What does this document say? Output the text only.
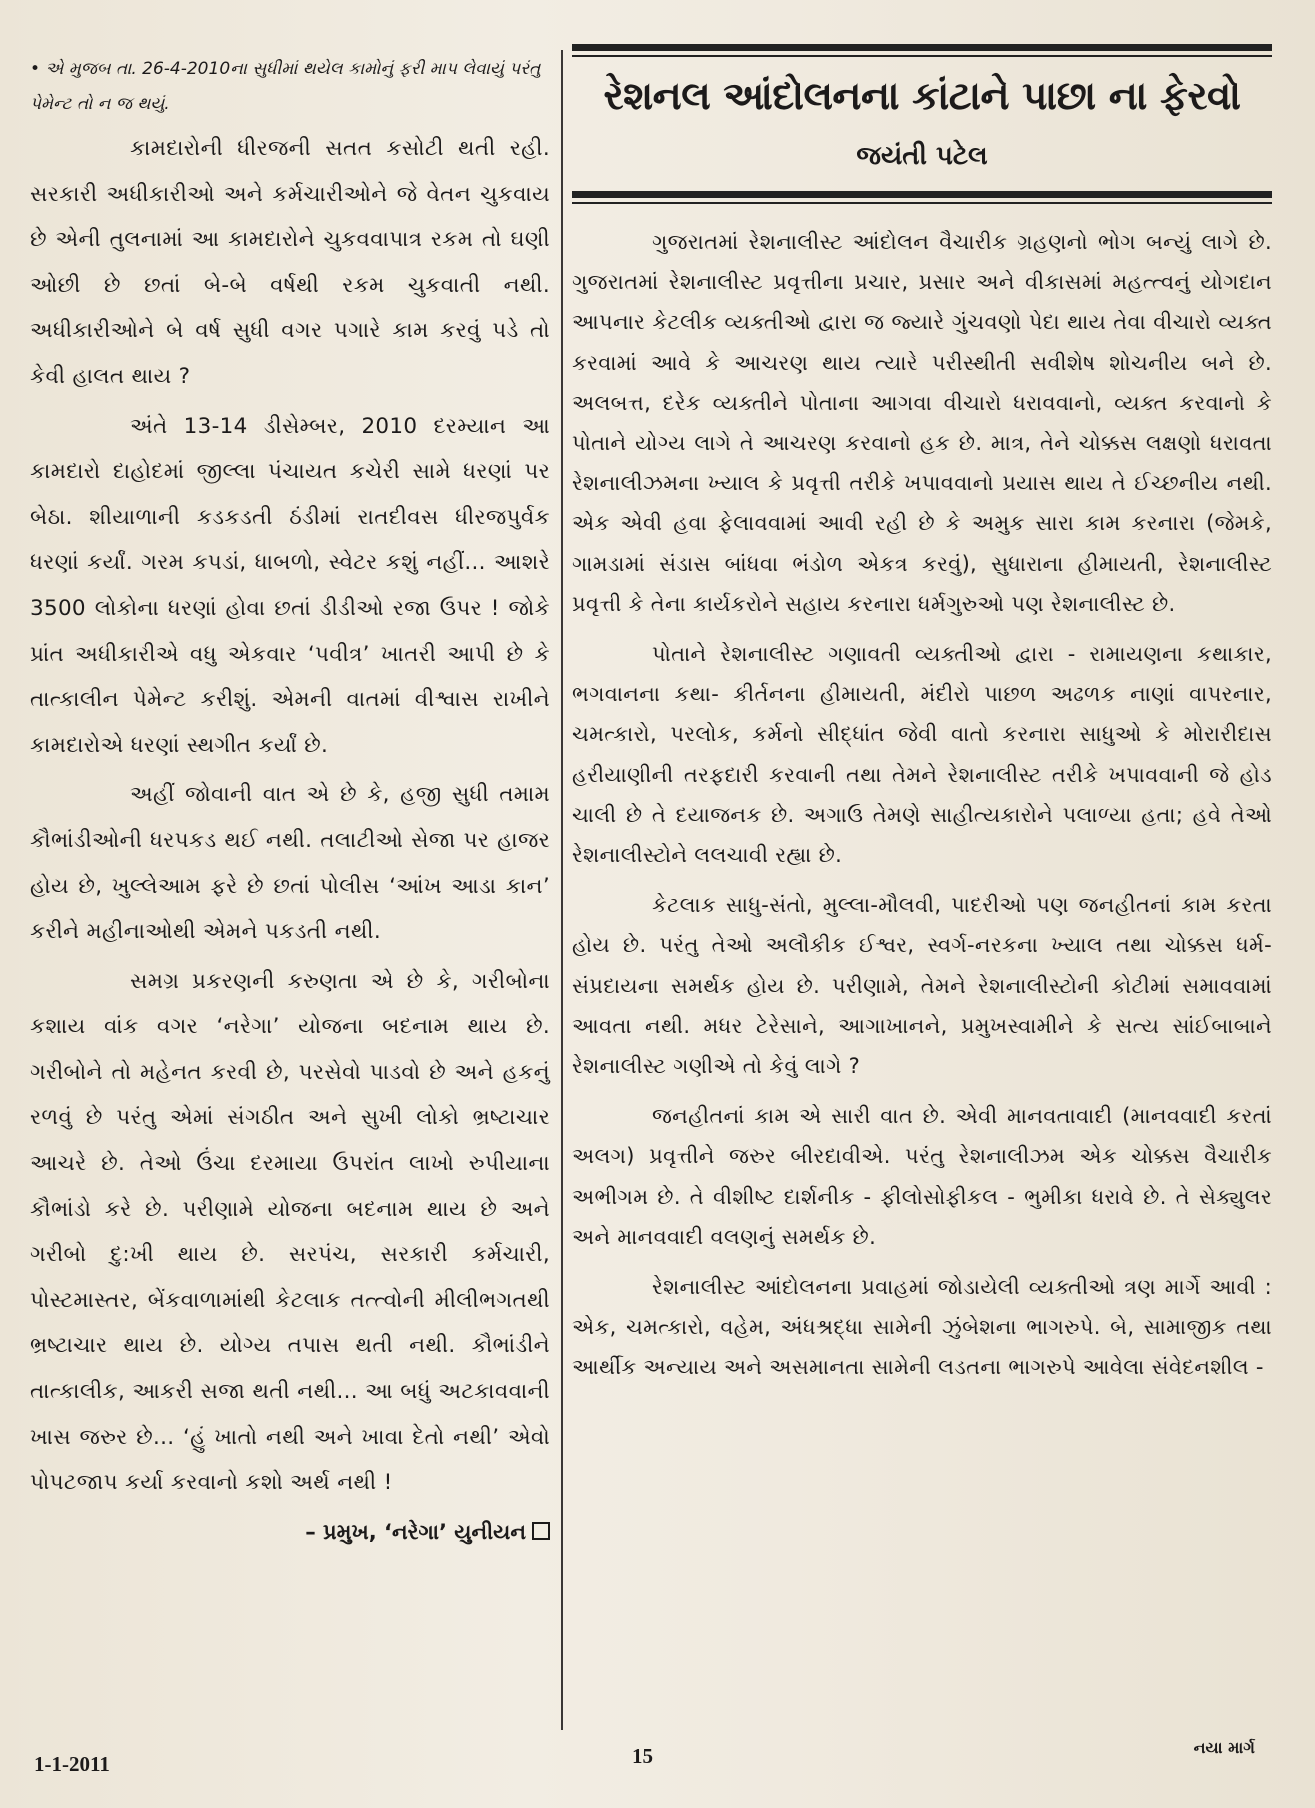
• એ મુજબ તા. 26-4-2010ના સુધીમાં થયેલ કામોનું ફરી માપ લેવાયું પરંતુ પેમેન્ટ તો ન જ થયું.

કામદારોની ધીરજની સતત કસોટી થતી રહી. સરકારી અધીકારીઓ અને કર્મચારીઓને જે વેતન ચુકવાય છે એની તુલનામાં આ કામદારોને ચુકવવાપાત્ર રકમ તો ઘણી ઓછી છે છતાં બે-બે વર્ષથી રકમ ચુકવાતી નથી. અધીકારીઓને બે વર્ષ સુધી વગર પગારે કામ કરવું પડે તો કેવી હાલત થાય ?

અંતે 13-14 ડીસેમ્બર, 2010 દરમ્યાન આ કામદારો દાહોદમાં જીલ્લા પંચાયત કચેરી સામે ધરણાં પર બેઠા. શીયાળાની કડકડતી ઠંડીમાં રાતદીવસ ધીરજપુર્વક ધરણાં કર્યાં. ગરમ કપડાં, ધાબળો, સ્વેટર કશું નહીં... આશરે 3500 લોકોના ધરણાં હોવા છતાં ડીડીઓ રજા ઉપર ! જોકે પ્રાંત અધીકારીએ વધુ એકવાર ‘પવીત્ર’ ખાતરી આપી છે કે તાત્કાલીન પેમેન્ટ કરીશું. એમની વાતમાં વીશ્વાસ રાખીને કામદારોએ ધરણાં સ્થગીત કર્યાં છે.

અહીં જોવાની વાત એ છે કે, હજી સુધી તમામ કૌભાંડીઓની ધરપકડ થઈ નથી. તલાટીઓ સેજા પર હાજર હોય છે, ખુલ્લેઆમ ફરે છે છતાં પોલીસ ‘આંખ આડા કાન’ કરીને મહીનાઓથી એમને પકડતી નથી.

સમગ્ર પ્રકરણની કરુણતા એ છે કે, ગરીબોના કશાય વાંક વગર ‘નરેગા’ યોજના બદનામ થાય છે. ગરીબોને તો મહેનત કરવી છે, પરસેવો પાડવો છે અને હકનું રળવું છે પરંતુ એમાં સંગઠીત અને સુખી લોકો ભ્રષ્ટાચાર આચરે છે. તેઓ ઉંચા દરમાયા ઉપરાંત લાખો રુપીયાના કૌભાંડો કરે છે. પરીણામે યોજના બદનામ થાય છે અને ગરીબો દુ:ખી થાય છે. સરપંચ, સરકારી કર્મચારી, પોસ્ટમાસ્તર, બેંકવાળામાંથી કેટલાક તત્ત્વોની મીલીભગતથી ભ્રષ્ટાચાર થાય છે. યોગ્ય તપાસ થતી નથી. કૌભાંડીને તાત્કાલીક, આકરી સજા થતી નથી... આ બધું અટકાવવાની ખાસ જરુર છે... ‘હું ખાતો નથી અને ખાવા દેતો નથી’ એવો પોપટજાપ કર્યા કરવાનો કશો અર્થ નથી !

– પ્રમુખ, ‘નરેગા’ યુનીયન
રેશનલ આંદોલનના કાંટાને પાછા ના ફેરવો
જયંતી પટેલ

ગુજરાતમાં રેશનાલીસ્ટ આંદોલન વૈચારીક ગ્રહણનો ભોગ બન્યું લાગે છે. ગુજરાતમાં રેશનાલીસ્ટ પ્રવૃત્તીના પ્રચાર, પ્રસાર અને વીકાસમાં મહત્ત્વનું યોગદાન આપનાર કેટલીક વ્યક્તીઓ દ્વારા જ જ્યારે ગુંચવણો પેદા થાય તેવા વીચારો વ્યક્ત કરવામાં આવે કે આચરણ થાય ત્યારે પરીસ્થીતી સવીશેષ શોચનીય બને છે. અલબત્ત, દરેક વ્યક્તીને પોતાના આગવા વીચારો ધરાવવાનો, વ્યક્ત કરવાનો કે પોતાને યોગ્ય લાગે તે આચરણ કરવાનો હક છે. માત્ર, તેને ચોક્કસ લક્ષણો ધરાવતા રેશનાલીઝમના ખ્યાલ કે પ્રવૃત્તી તરીકે ખપાવવાનો પ્રયાસ થાય તે ઈચ્છનીય નથી. એક એવી હવા ફેલાવવામાં આવી રહી છે કે અમુક સારા કામ કરનારા (જેમકે, ગામડામાં સંડાસ બાંધવા ભંડોળ એકત્ર કરવું), સુધારાના હીમાયતી, રેશનાલીસ્ટ પ્રવૃત્તી કે તેના કાર્યકરોને સહાય કરનારા ધર્મગુરુઓ પણ રેશનાલીસ્ટ છે.

પોતાને રેશનાલીસ્ટ ગણાવતી વ્યક્તીઓ દ્વારા - રામાયણના કથાકાર, ભગવાનના કથા- કીર્તનના હીમાયતી, મંદીરો પાછળ અઢળક નાણાં વાપરનાર, ચમત્કારો, પરલોક, કર્મનો સીદ્ધાંત જેવી વાતો કરનારા સાધુઓ કે મોરારીદાસ હરીયાણીની તરફદારી કરવાની તથા તેમને રેશનાલીસ્ટ તરીકે ખપાવવાની જે હોડ ચાલી છે તે દયાજનક છે. અગાઉ તેમણે સાહીત્યકારોને પલાળ્યા હતા; હવે તેઓ રેશનાલીસ્ટોને લલચાવી રહ્યા છે.

કેટલાક સાધુ-સંતો, મુલ્લા-મૌલવી, પાદરીઓ પણ જનહીતનાં કામ કરતા હોય છે. પરંતુ તેઓ અલૌકીક ઈશ્વર, સ્વર્ગ-નરકના ખ્યાલ તથા ચોક્કસ ધર્મ-સંપ્રદાયના સમર્થક હોય છે. પરીણામે, તેમને રેશનાલીસ્ટોની કોટીમાં સમાવવામાં આવતા નથી. મધર ટેરેસાને, આગાખાનને, પ્રમુખસ્વામીને કે સત્ય સાંઈબાબાને રેશનાલીસ્ટ ગણીએ તો કેવું લાગે ?

જનહીતનાં કામ એ સારી વાત છે. એવી માનવતાવાદી (માનવવાદી કરતાં અલગ) પ્રવૃત્તીને જરુર બીરદાવીએ. પરંતુ રેશનાલીઝમ એક ચોક્કસ વૈચારીક અભીગમ છે. તે વીશીષ્ટ દાર્શનીક - ફીલોસોફીકલ - ભુમીકા ધરાવે છે. તે સેક્યુલર અને માનવવાદી વલણનું સમર્થક છે.

રેશનાલીસ્ટ આંદોલનના પ્રવાહમાં જોડાયેલી વ્યક્તીઓ ત્રણ માર્ગે આવી : એક, ચમત્કારો, વહેમ, અંધશ્રદ્ધા સામેની ઝુંબેશના ભાગરુપે. બે, સામાજીક તથા આર્થીક અન્યાય અને અસમાનતા સામેની લડતના ભાગરુપે આવેલા સંવેદનશીલ -

1-1-2011	15	નયા માર્ગ
